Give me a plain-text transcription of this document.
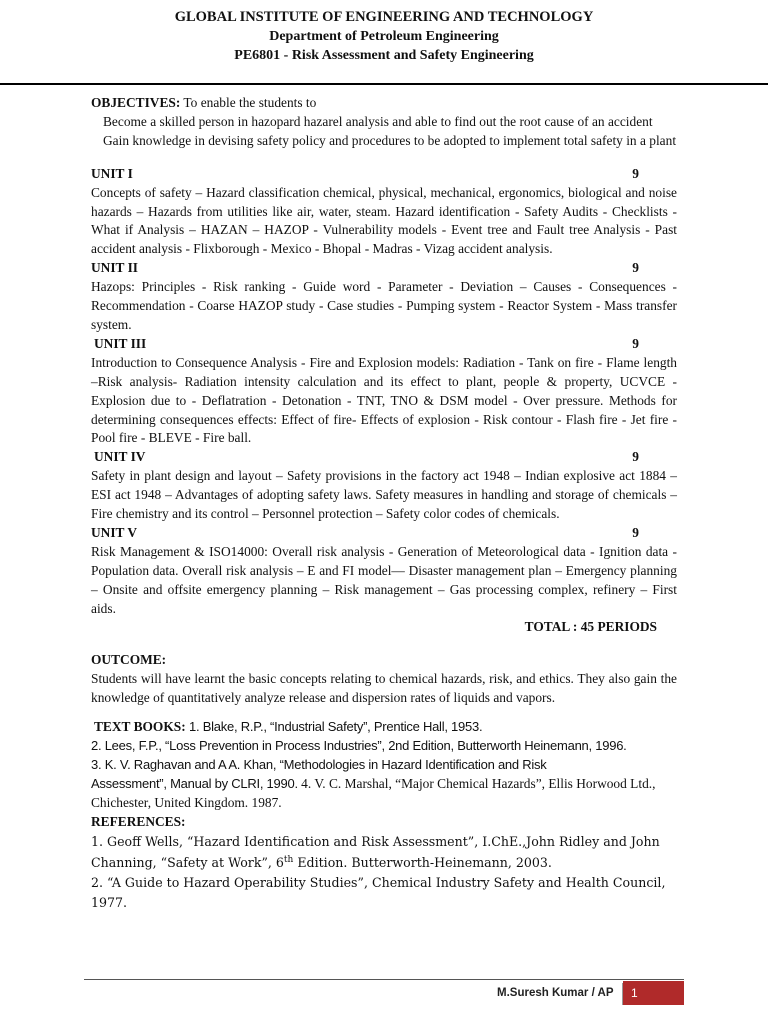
GLOBAL INSTITUTE OF ENGINEERING AND TECHNOLOGY
Department of Petroleum Engineering
PE6801 - Risk Assessment and Safety Engineering

OBJECTIVES: To enable the students to

Become a skilled person in hazopard hazarel analysis and able to find out the root cause of an accident

Gain knowledge in devising safety policy and procedures to be adopted to implement total safety in a plant

UNIT I	9

Concepts of safety – Hazard classification chemical, physical, mechanical, ergonomics, biological and noise hazards – Hazards from utilities like air, water, steam. Hazard identification - Safety Audits - Checklists - What if Analysis – HAZAN – HAZOP - Vulnerability models - Event tree and Fault tree Analysis - Past accident analysis - Flixborough - Mexico - Bhopal - Madras - Vizag accident analysis.

UNIT II	9

Hazops: Principles - Risk ranking - Guide word - Parameter - Deviation – Causes - Consequences - Recommendation - Coarse HAZOP study - Case studies - Pumping system - Reactor System - Mass transfer system.

UNIT III	9

Introduction to Consequence Analysis - Fire and Explosion models: Radiation - Tank on fire - Flame length –Risk analysis- Radiation intensity calculation and its effect to plant, people & property, UCVCE - Explosion due to - Deflatration - Detonation - TNT, TNO & DSM model - Over pressure. Methods for determining consequences effects: Effect of fire- Effects of explosion - Risk contour - Flash fire - Jet fire - Pool fire - BLEVE - Fire ball.

UNIT IV	9

Safety in plant design and layout – Safety provisions in the factory act 1948 – Indian explosive act 1884 – ESI act 1948 – Advantages of adopting safety laws. Safety measures in handling and storage of chemicals – Fire chemistry and its control – Personnel protection – Safety color codes of chemicals.

UNIT V	9

Risk Management & ISO14000: Overall risk analysis - Generation of Meteorological data - Ignition data - Population data. Overall risk analysis – E and FI model— Disaster management plan – Emergency planning – Onsite and offsite emergency planning – Risk management – Gas processing complex, refinery – First aids.

TOTAL : 45 PERIODS
OUTCOME:

Students will have learnt the basic concepts relating to chemical hazards, risk, and ethics. They also gain the knowledge of quantitatively analyze release and dispersion rates of liquids and vapors.

TEXT BOOKS: 1. Blake, R.P., “Industrial Safety”, Prentice Hall, 1953.

2. Lees, F.P., “Loss Prevention in Process Industries”, 2nd Edition, Butterworth Heinemann, 1996.

3. K. V. Raghavan and A A. Khan, “Methodologies in Hazard Identification and Risk

Assessment”, Manual by CLRI, 1990. 4. V. C. Marshal, “Major Chemical Hazards”, Ellis Horwood Ltd., Chichester, United Kingdom. 1987.

REFERENCES:

1. Geoff Wells, “Hazard Identification and Risk Assessment”, I.ChE.,John Ridley and John Channing, “Safety at Work”, 6th Edition. Butterworth-Heinemann, 2003.

2. “A Guide to Hazard Operability Studies”, Chemical Industry Safety and Health Council, 1977.

M.Suresh Kumar / AP	1
